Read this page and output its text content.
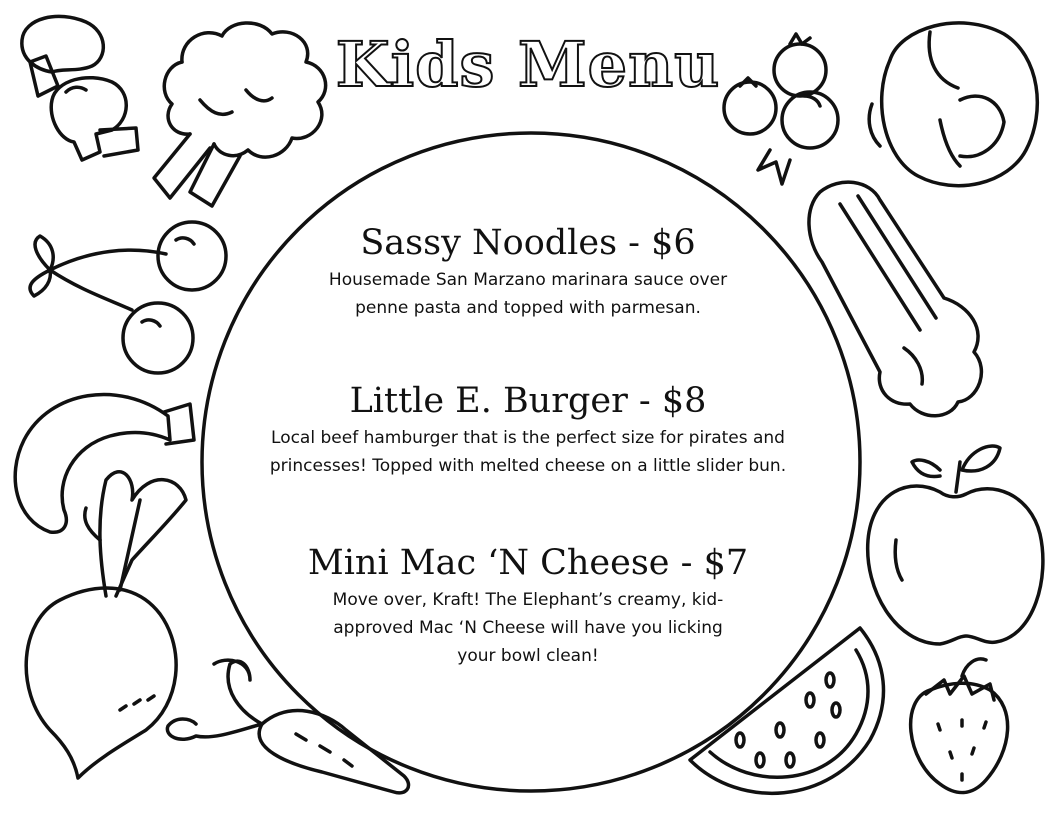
Kids Menu

Sassy Noodles - $6

Housemade San Marzano marinara sauce over
penne pasta and topped with parmesan.

Little E. Burger - $8

Local beef hamburger that is the perfect size for pirates and
princesses! Topped with melted cheese on a little slider bun.

Mini Mac ‘N Cheese - $7

Move over, Kraft! The Elephant’s creamy, kid-
approved Mac ‘N Cheese will have you licking
your bowl clean!
